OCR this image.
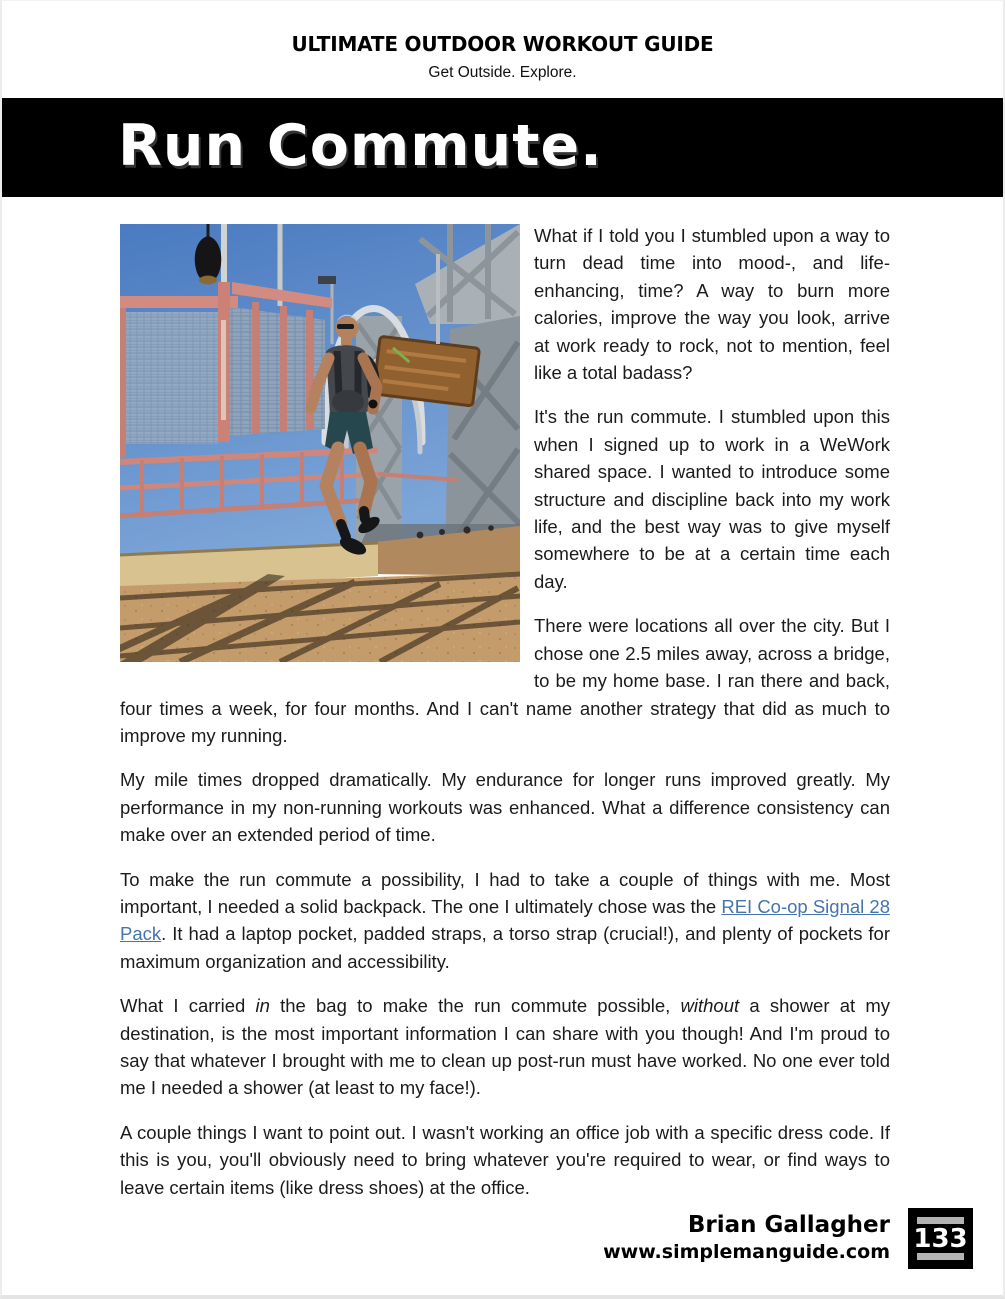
ULTIMATE OUTDOOR WORKOUT GUIDE
Get Outside. Explore.
Run Commute.

What if I told you I stumbled upon a way to turn dead time into mood-, and life-enhancing, time? A way to burn more calories, improve the way you look, arrive at work ready to rock, not to mention, feel like a total badass?

It's the run commute. I stumbled upon this when I signed up to work in a WeWork shared space. I wanted to introduce some structure and discipline back into my work life, and the best way was to give myself somewhere to be at a certain time each day.

There were locations all over the city. But I chose one 2.5 miles away, across a bridge, to be my home base. I ran there and back, four times a week, for four months. And I can't name another strategy that did as much to improve my running.

My mile times dropped dramatically. My endurance for longer runs improved greatly. My performance in my non-running workouts was enhanced. What a difference consistency can make over an extended period of time.

To make the run commute a possibility, I had to take a couple of things with me. Most important, I needed a solid backpack. The one I ultimately chose was the REI Co-op Signal 28 Pack. It had a laptop pocket, padded straps, a torso strap (crucial!), and plenty of pockets for maximum organization and accessibility.

What I carried in the bag to make the run commute possible, without a shower at my destination, is the most important information I can share with you though! And I'm proud to say that whatever I brought with me to clean up post-run must have worked. No one ever told me I needed a shower (at least to my face!).

A couple things I want to point out. I wasn't working an office job with a specific dress code. If this is you, you'll obviously need to bring whatever you're required to wear, or find ways to leave certain items (like dress shoes) at the office.

Brian Gallagher
www.simplemanguide.com 133
